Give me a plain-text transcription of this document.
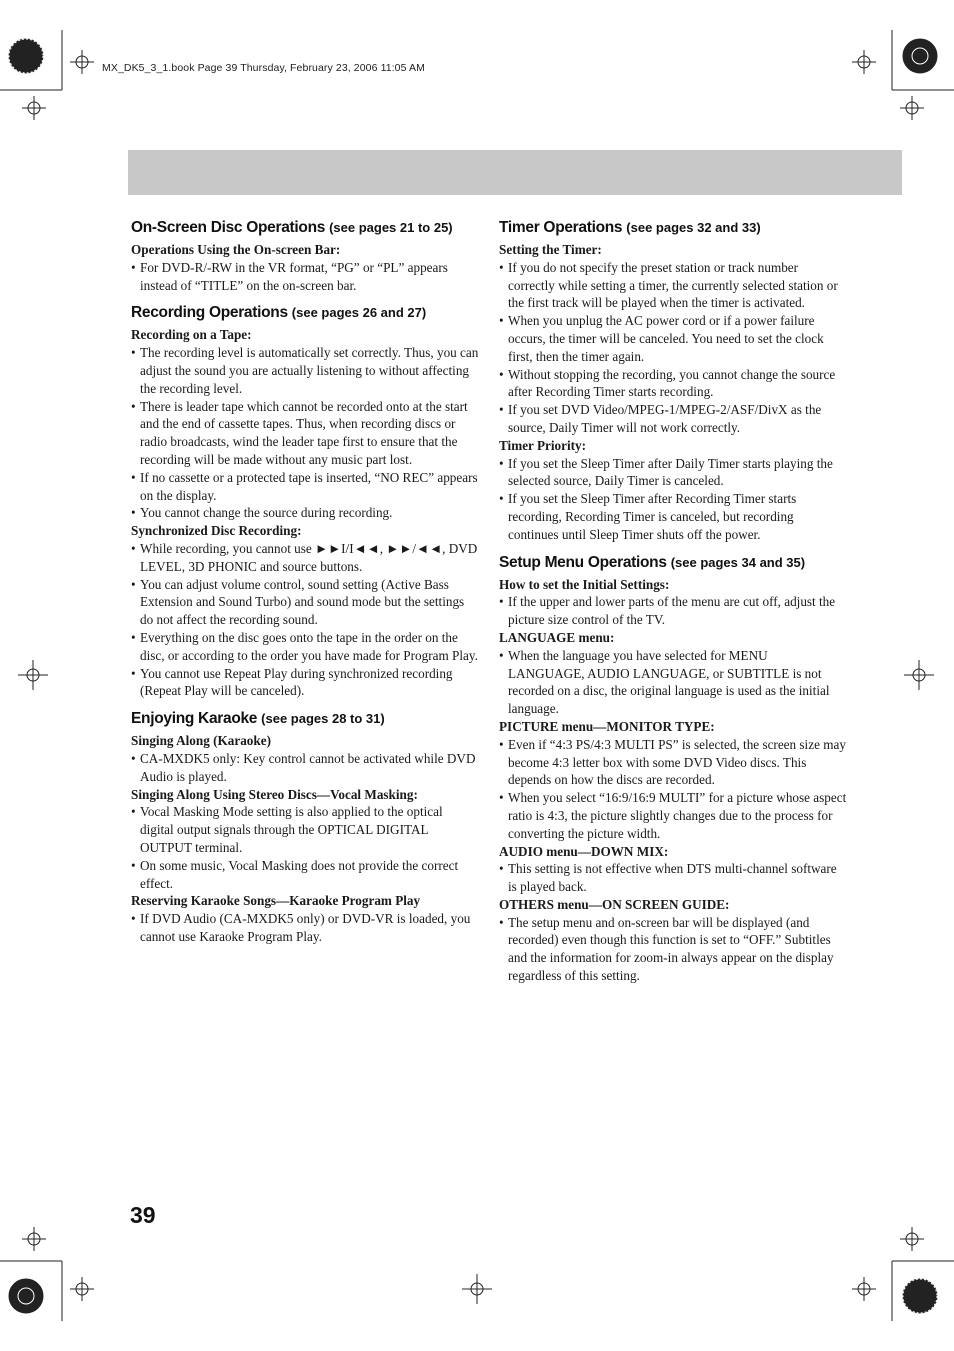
MX_DK5_3_1.book Page 39 Thursday, February 23, 2006 11:05 AM
On-Screen Disc Operations (see pages 21 to 25)
Operations Using the On-screen Bar:
• For DVD-R/-RW in the VR format, “PG” or “PL” appears instead of “TITLE” on the on-screen bar.
Recording Operations (see pages 26 and 27)
Recording on a Tape:
• The recording level is automatically set correctly. Thus, you can adjust the sound you are actually listening to without affecting the recording level.
• There is leader tape which cannot be recorded onto at the start and the end of cassette tapes. Thus, when recording discs or radio broadcasts, wind the leader tape first to ensure that the recording will be made without any music part lost.
• If no cassette or a protected tape is inserted, “NO REC” appears on the display.
• You cannot change the source during recording.
Synchronized Disc Recording:
• While recording, you cannot use ►►I/I◄◄, ►►/◄◄, DVD LEVEL, 3D PHONIC and source buttons.
• You can adjust volume control, sound setting (Active Bass Extension and Sound Turbo) and sound mode but the settings do not affect the recording sound.
• Everything on the disc goes onto the tape in the order on the disc, or according to the order you have made for Program Play.
• You cannot use Repeat Play during synchronized recording (Repeat Play will be canceled).
Enjoying Karaoke (see pages 28 to 31)
Singing Along (Karaoke)
• CA-MXDK5 only: Key control cannot be activated while DVD Audio is played.
Singing Along Using Stereo Discs—Vocal Masking:
• Vocal Masking Mode setting is also applied to the optical digital output signals through the OPTICAL DIGITAL OUTPUT terminal.
• On some music, Vocal Masking does not provide the correct effect.
Reserving Karaoke Songs—Karaoke Program Play
• If DVD Audio (CA-MXDK5 only) or DVD-VR is loaded, you cannot use Karaoke Program Play.
Timer Operations (see pages 32 and 33)
Setting the Timer:
• If you do not specify the preset station or track number correctly while setting a timer, the currently selected station or the first track will be played when the timer is activated.
• When you unplug the AC power cord or if a power failure occurs, the timer will be canceled. You need to set the clock first, then the timer again.
• Without stopping the recording, you cannot change the source after Recording Timer starts recording.
• If you set DVD Video/MPEG-1/MPEG-2/ASF/DivX as the source, Daily Timer will not work correctly.
Timer Priority:
• If you set the Sleep Timer after Daily Timer starts playing the selected source, Daily Timer is canceled.
• If you set the Sleep Timer after Recording Timer starts recording, Recording Timer is canceled, but recording continues until Sleep Timer shuts off the power.
Setup Menu Operations (see pages 34 and 35)
How to set the Initial Settings:
• If the upper and lower parts of the menu are cut off, adjust the picture size control of the TV.
LANGUAGE menu:
• When the language you have selected for MENU LANGUAGE, AUDIO LANGUAGE, or SUBTITLE is not recorded on a disc, the original language is used as the initial language.
PICTURE menu—MONITOR TYPE:
• Even if “4:3 PS/4:3 MULTI PS” is selected, the screen size may become 4:3 letter box with some DVD Video discs. This depends on how the discs are recorded.
• When you select “16:9/16:9 MULTI” for a picture whose aspect ratio is 4:3, the picture slightly changes due to the process for converting the picture width.
AUDIO menu—DOWN MIX:
• This setting is not effective when DTS multi-channel software is played back.
OTHERS menu—ON SCREEN GUIDE:
• The setup menu and on-screen bar will be displayed (and recorded) even though this function is set to “OFF.” Subtitles and the information for zoom-in always appear on the display regardless of this setting.
39
